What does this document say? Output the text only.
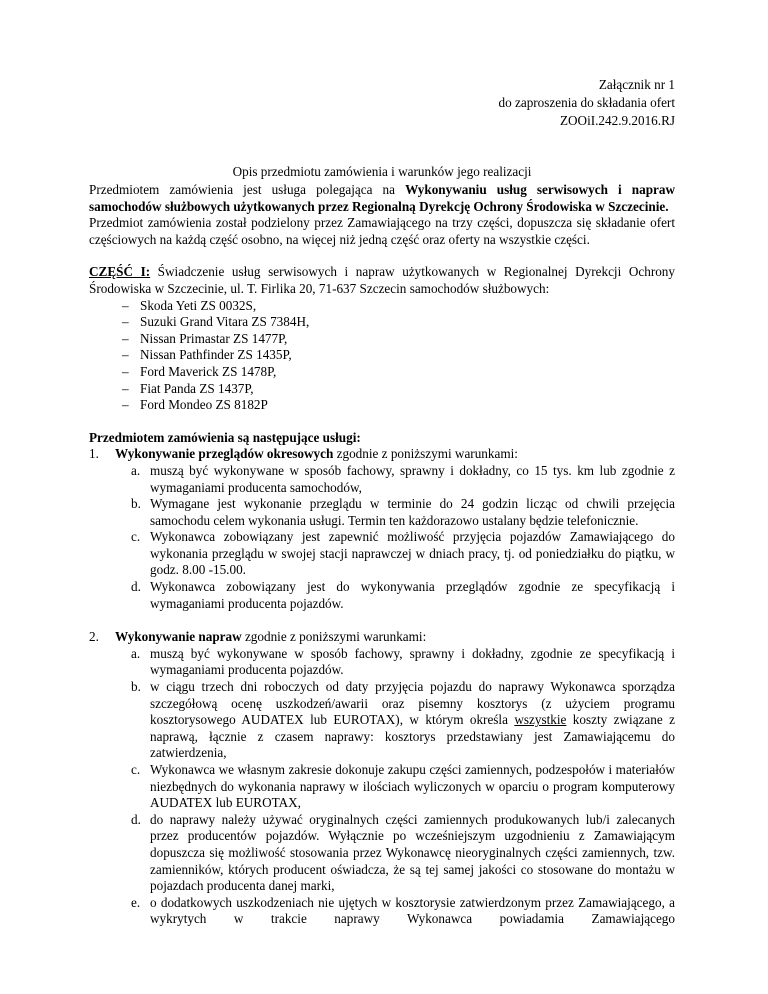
Załącznik nr 1
do zaproszenia do składania ofert
ZOOiI.242.9.2016.RJ
Opis przedmiotu zamówienia i warunków jego realizacji

Przedmiotem zamówienia jest usługa polegająca na Wykonywaniu usług serwisowych i napraw samochodów służbowych użytkowanych przez Regionalną Dyrekcję Ochrony Środowiska w Szczecinie.

Przedmiot zamówienia został podzielony przez Zamawiającego na trzy części, dopuszcza się składanie ofert częściowych na każdą część osobno, na więcej niż jedną część oraz oferty na wszystkie części.

CZĘŚĆ I: Świadczenie usług serwisowych i napraw użytkowanych w Regionalnej Dyrekcji Ochrony Środowiska w Szczecinie, ul. T. Firlika 20, 71-637 Szczecin samochodów służbowych:

– Skoda Yeti ZS 0032S,
– Suzuki Grand Vitara ZS 7384H,
– Nissan Primastar ZS 1477P,
– Nissan Pathfinder ZS 1435P,
– Ford Maverick ZS 1478P,
– Fiat Panda ZS 1437P,
– Ford Mondeo ZS 8182P

Przedmiotem zamówienia są następujące usługi:

1. Wykonywanie przeglądów okresowych zgodnie z poniższymi warunkami:

a. muszą być wykonywane w sposób fachowy, sprawny i dokładny, co 15 tys. km lub zgodnie z wymaganiami producenta samochodów,

b. Wymagane jest wykonanie przeglądu w terminie do 24 godzin licząc od chwili przejęcia samochodu celem wykonania usługi. Termin ten każdorazowo ustalany będzie telefonicznie.

c. Wykonawca zobowiązany jest zapewnić możliwość przyjęcia pojazdów Zamawiającego do wykonania przeglądu w swojej stacji naprawczej w dniach pracy, tj. od poniedziałku do piątku, w godz. 8.00 -15.00.

d. Wykonawca zobowiązany jest do wykonywania przeglądów zgodnie ze specyfikacją i wymaganiami producenta pojazdów.

2. Wykonywanie napraw zgodnie z poniższymi warunkami:

a. muszą być wykonywane w sposób fachowy, sprawny i dokładny, zgodnie ze specyfikacją i wymaganiami producenta pojazdów.

b. w ciągu trzech dni roboczych od daty przyjęcia pojazdu do naprawy Wykonawca sporządza szczegółową ocenę uszkodzeń/awarii oraz pisemny kosztorys (z użyciem programu kosztorysowego AUDATEX lub EUROTAX), w którym określa wszystkie koszty związane z naprawą, łącznie z czasem naprawy: kosztorys przedstawiany jest Zamawiającemu do zatwierdzenia,

c. Wykonawca we własnym zakresie dokonuje zakupu części zamiennych, podzespołów i materiałów niezbędnych do wykonania naprawy w ilościach wyliczonych w oparciu o program komputerowy AUDATEX lub EUROTAX,

d. do naprawy należy używać oryginalnych części zamiennych produkowanych lub/i zalecanych przez producentów pojazdów. Wyłącznie po wcześniejszym uzgodnieniu z Zamawiającym dopuszcza się możliwość stosowania przez Wykonawcę nieoryginalnych części zamiennych, tzw. zamienników, których producent oświadcza, że są tej samej jakości co stosowane do montażu w pojazdach producenta danej marki,

e. o dodatkowych uszkodzeniach nie ujętych w kosztorysie zatwierdzonym przez Zamawiającego, a wykrytych w trakcie naprawy Wykonawca powiadamia Zamawiającego
